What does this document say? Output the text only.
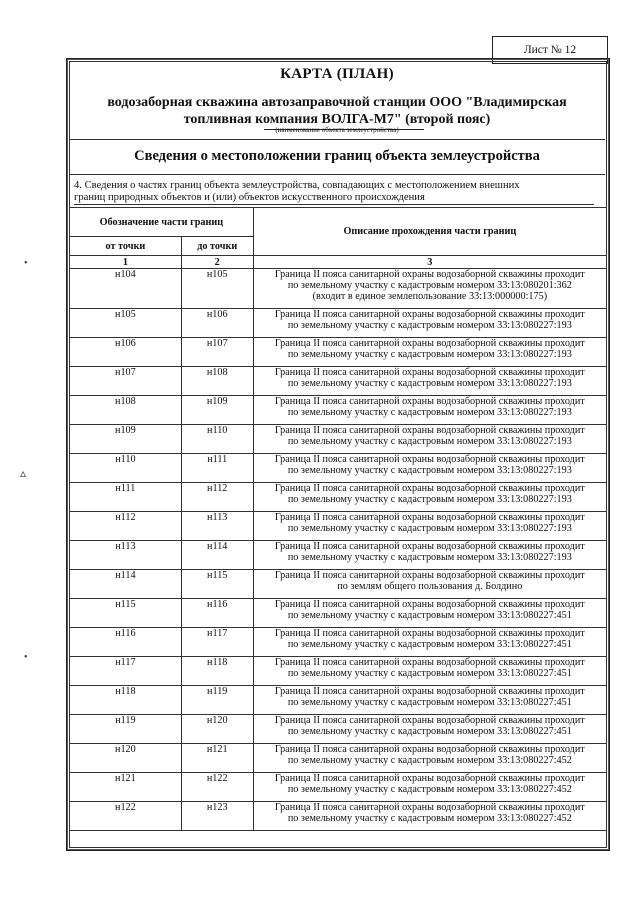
Лист № 12
КАРТА (ПЛАН)
водозаборная скважина автозаправочной станции ООО "Владимирская топливная компания ВОЛГА-М7" (второй пояс)
(наименование объекта землеустройства)
Сведения о местоположении границ объекта землеустройства
4. Сведения о частях границ объекта землеустройства, совпадающих с местоположением внешних
границ природных объектов и (или) объектов искусственного происхождения
Обозначение части границ		Описание прохождения части границ
от точки	до точки	
1	2	3
н104	н105	Граница II пояса санитарной охраны водозаборной скважины проходит
по земельному участку с кадастровым номером 33:13:080201:362
(входит в единое землепользование 33:13:000000:175)

н105	н106	Граница II пояса санитарной охраны водозаборной скважины проходит
по земельному участку с кадастровым номером 33:13:080227:193

н106	н107	Граница II пояса санитарной охраны водозаборной скважины проходит
по земельному участку с кадастровым номером 33:13:080227:193

н107	н108	Граница II пояса санитарной охраны водозаборной скважины проходит
по земельному участку с кадастровым номером 33:13:080227:193

н108	н109	Граница II пояса санитарной охраны водозаборной скважины проходит
по земельному участку с кадастровым номером 33:13:080227:193

н109	н110	Граница II пояса санитарной охраны водозаборной скважины проходит
по земельному участку с кадастровым номером 33:13:080227:193

н110	н111	Граница II пояса санитарной охраны водозаборной скважины проходит
по земельному участку с кадастровым номером 33:13:080227:193

н111	н112	Граница II пояса санитарной охраны водозаборной скважины проходит
по земельному участку с кадастровым номером 33:13:080227:193

н112	н113	Граница II пояса санитарной охраны водозаборной скважины проходит
по земельному участку с кадастровым номером 33:13:080227:193

н113	н114	Граница II пояса санитарной охраны водозаборной скважины проходит
по земельному участку с кадастровым номером 33:13:080227:193

н114	н115	Граница II пояса санитарной охраны водозаборной скважины проходит
по землям общего пользования д. Болдино

н115	н116	Граница II пояса санитарной охраны водозаборной скважины проходит
по земельному участку с кадастровым номером 33:13:080227:451

н116	н117	Граница II пояса санитарной охраны водозаборной скважины проходит
по земельному участку с кадастровым номером 33:13:080227:451

н117	н118	Граница II пояса санитарной охраны водозаборной скважины проходит
по земельному участку с кадастровым номером 33:13:080227:451

н118	н119	Граница II пояса санитарной охраны водозаборной скважины проходит
по земельному участку с кадастровым номером 33:13:080227:451

н119	н120	Граница II пояса санитарной охраны водозаборной скважины проходит
по земельному участку с кадастровым номером 33:13:080227:451

н120	н121	Граница II пояса санитарной охраны водозаборной скважины проходит
по земельному участку с кадастровым номером 33:13:080227:452

н121	н122	Граница II пояса санитарной охраны водозаборной скважины проходит
по земельному участку с кадастровым номером 33:13:080227:452

н122	н123	Граница II пояса санитарной охраны водозаборной скважины проходит
по земельному участку с кадастровым номером 33:13:080227:452
•
▵
•
